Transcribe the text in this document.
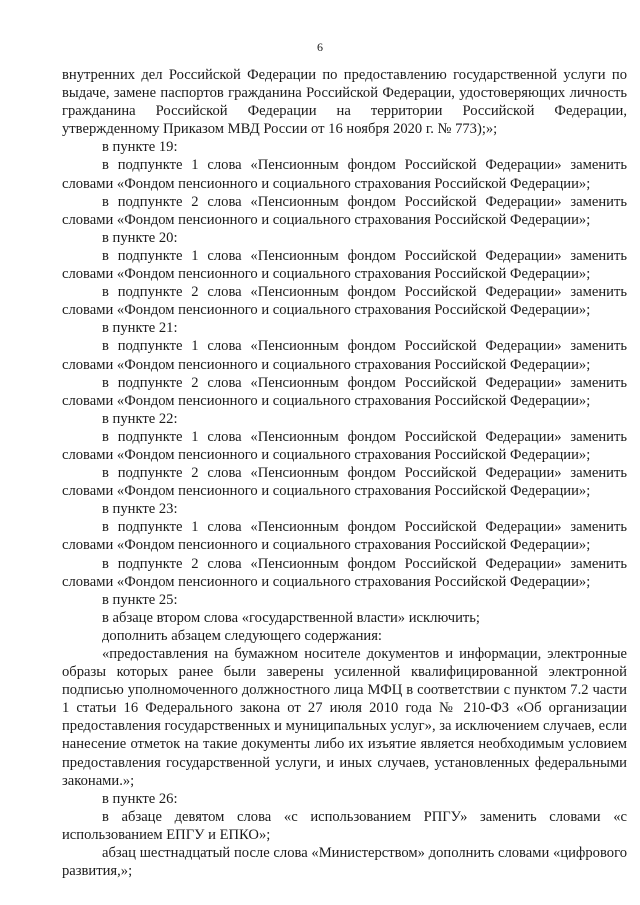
6

внутренних дел Российской Федерации по предоставлению государственной услуги по выдаче, замене паспортов гражданина Российской Федерации, удостоверяющих личность гражданина Российской Федерации на территории Российской Федерации, утвержденному Приказом МВД России от 16 ноября 2020 г. № 773);»;

в пункте 19:

в подпункте 1 слова «Пенсионным фондом Российской Федерации» заменить словами «Фондом пенсионного и социального страхования Российской Федерации»;

в подпункте 2 слова «Пенсионным фондом Российской Федерации» заменить словами «Фондом пенсионного и социального страхования Российской Федерации»;

в пункте 20:

в подпункте 1 слова «Пенсионным фондом Российской Федерации» заменить словами «Фондом пенсионного и социального страхования Российской Федерации»;

в подпункте 2 слова «Пенсионным фондом Российской Федерации» заменить словами «Фондом пенсионного и социального страхования Российской Федерации»;

в пункте 21:

в подпункте 1 слова «Пенсионным фондом Российской Федерации» заменить словами «Фондом пенсионного и социального страхования Российской Федерации»;

в подпункте 2 слова «Пенсионным фондом Российской Федерации» заменить словами «Фондом пенсионного и социального страхования Российской Федерации»;

в пункте 22:

в подпункте 1 слова «Пенсионным фондом Российской Федерации» заменить словами «Фондом пенсионного и социального страхования Российской Федерации»;

в подпункте 2 слова «Пенсионным фондом Российской Федерации» заменить словами «Фондом пенсионного и социального страхования Российской Федерации»;

в пункте 23:

в подпункте 1 слова «Пенсионным фондом Российской Федерации» заменить словами «Фондом пенсионного и социального страхования Российской Федерации»;

в подпункте 2 слова «Пенсионным фондом Российской Федерации» заменить словами «Фондом пенсионного и социального страхования Российской Федерации»;

в пункте 25:

в абзаце втором слова «государственной власти» исключить;

дополнить абзацем следующего содержания:

«предоставления на бумажном носителе документов и информации, электронные образы которых ранее были заверены усиленной квалифицированной электронной подписью уполномоченного должностного лица МФЦ в соответствии с пунктом 7.2 части 1 статьи 16 Федерального закона от 27 июля 2010 года № 210-ФЗ «Об организации предоставления государственных и муниципальных услуг», за исключением случаев, если нанесение отметок на такие документы либо их изъятие является необходимым условием предоставления государственной услуги, и иных случаев, установленных федеральными законами.»;

в пункте 26:

в абзаце девятом слова «с использованием РПГУ» заменить словами «с использованием ЕПГУ и ЕПКО»;

абзац шестнадцатый после слова «Министерством» дополнить словами «цифрового развития,»;
